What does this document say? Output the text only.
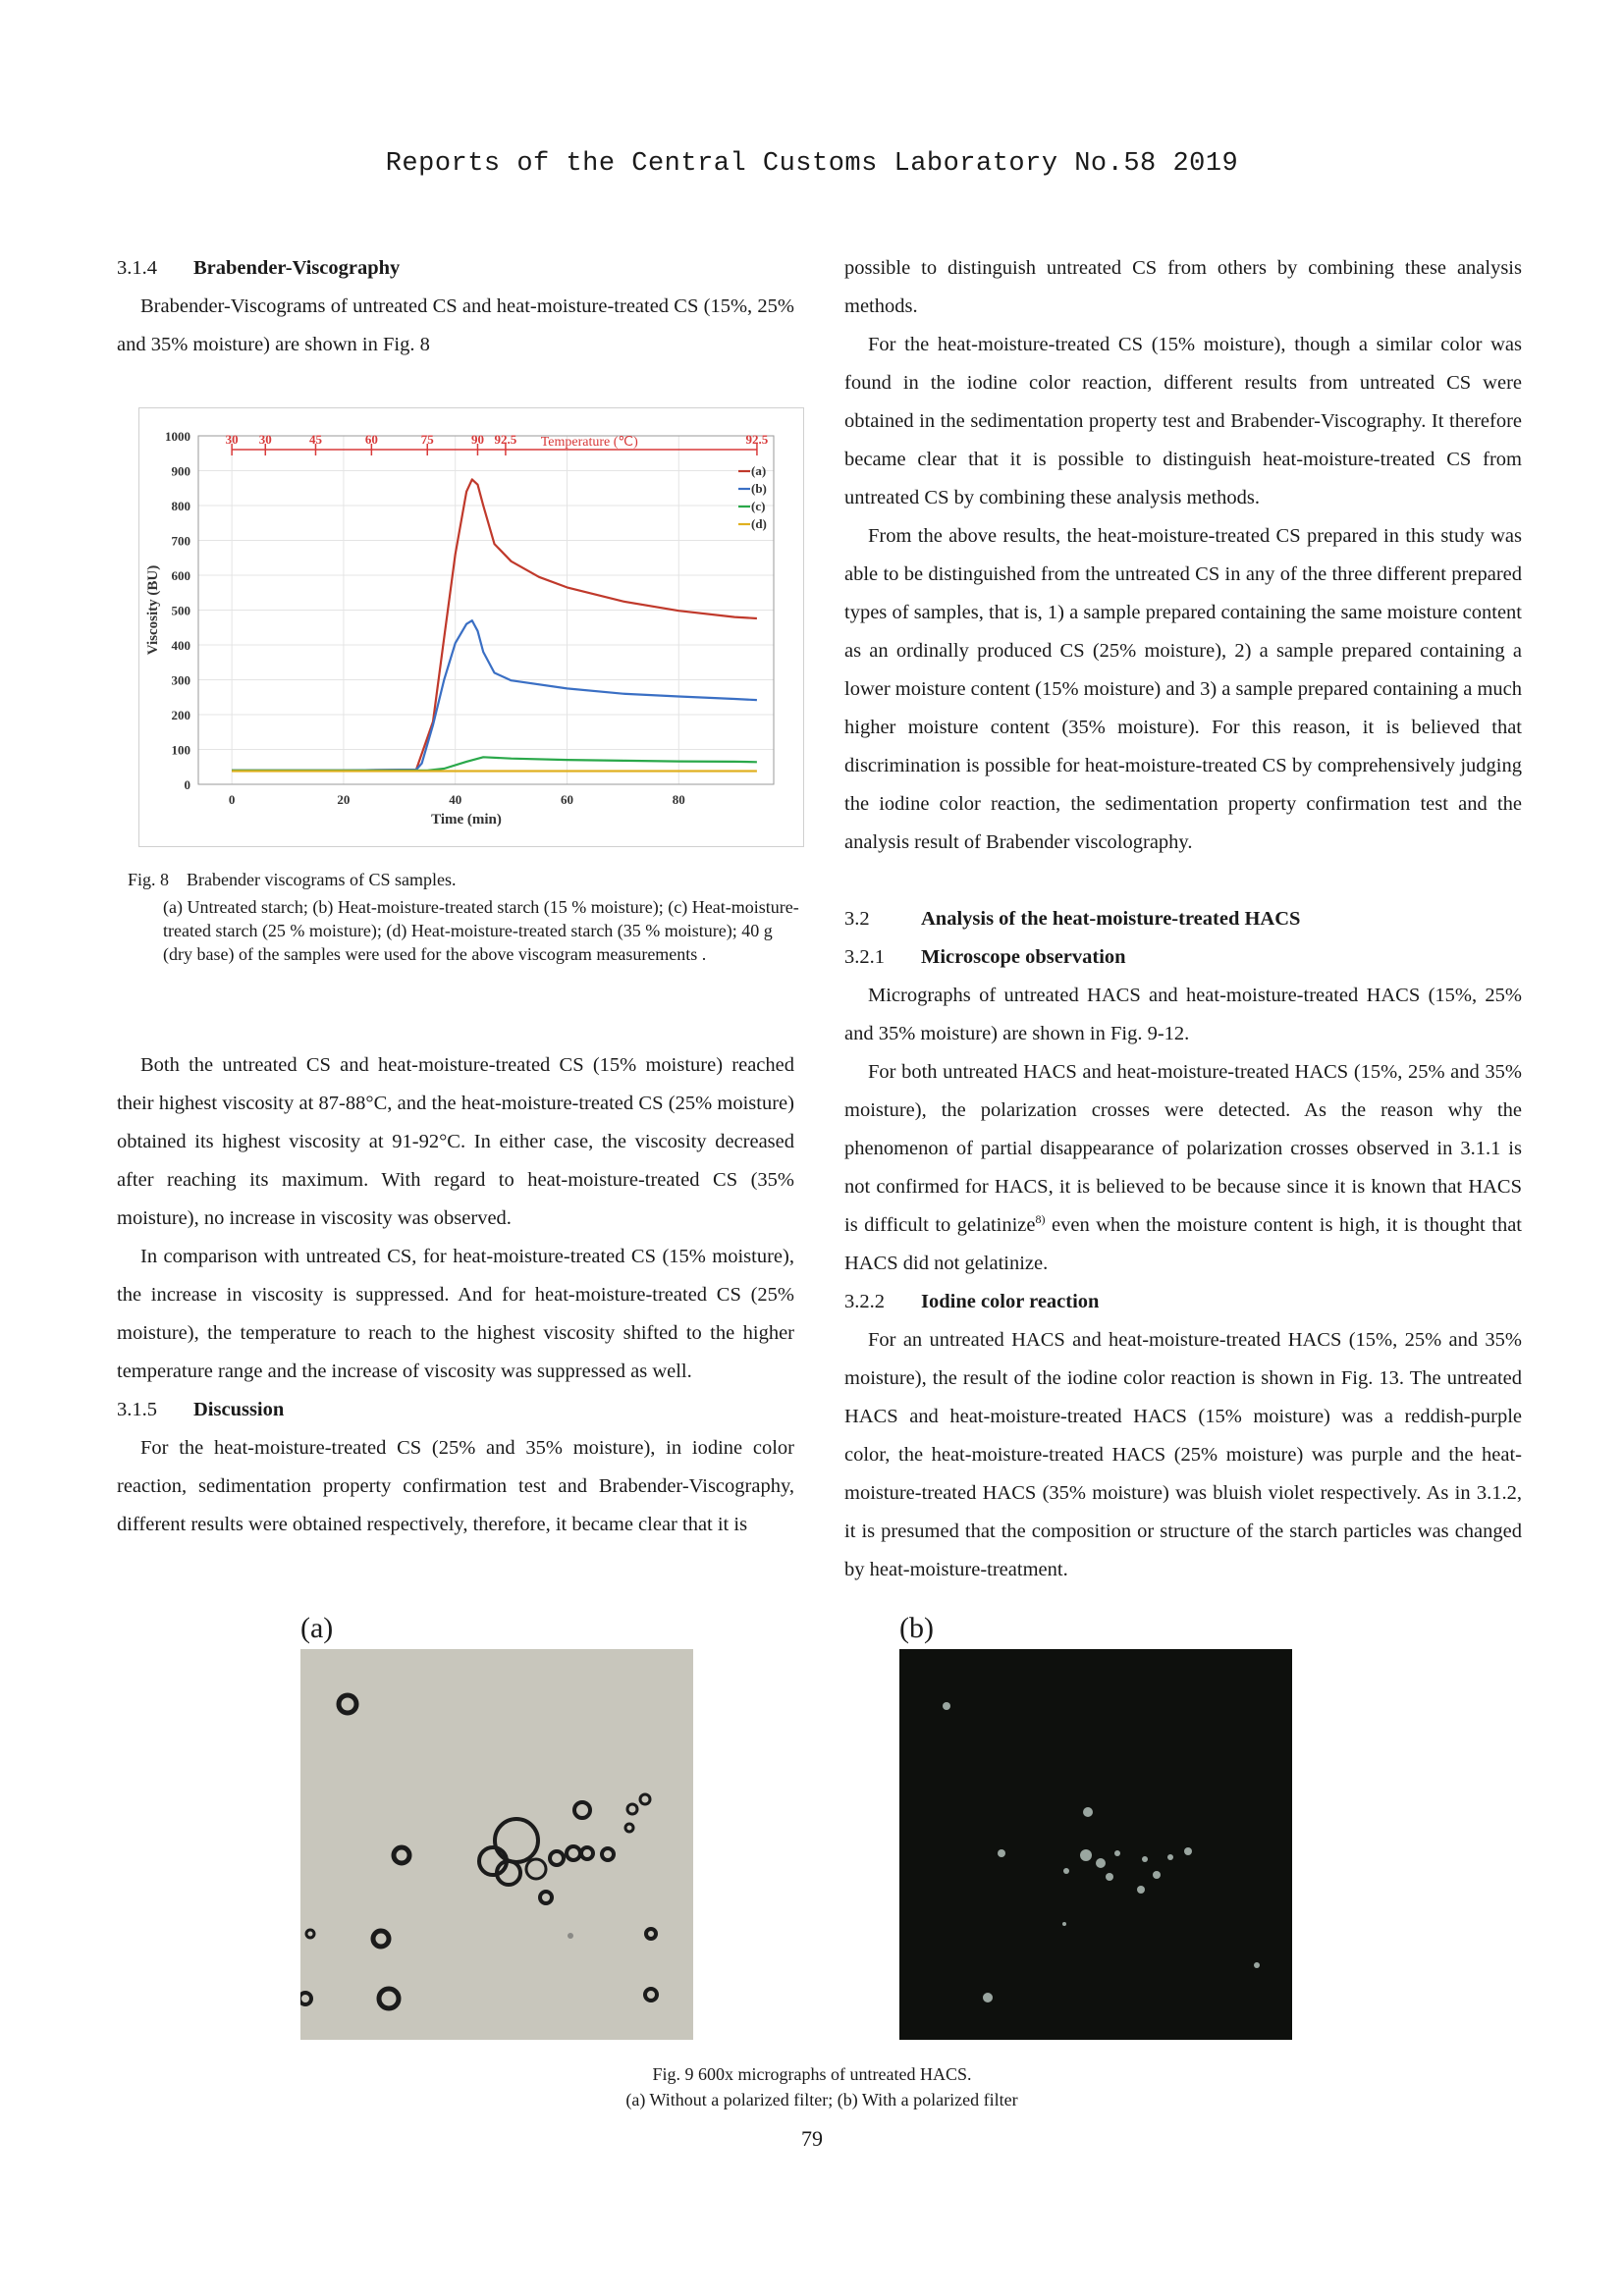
Reports of the Central Customs Laboratory No.58 2019
3.1.4	Brabender-Viscography

Brabender-Viscograms of untreated CS and heat-moisture-treated CS (15%, 25% and 35% moisture) are shown in Fig. 8

0
100
200
300
400
500
600
700
800
900
1000
0	20	40	60	80
Time (min)
Viscosity (BU)
30 30	45	60	75	90 92.5	92.5
Temperature (℃)
(a)
(b)
(c)
(d)
Fig. 8 Brabender viscograms of CS samples.
(a) Untreated starch; (b) Heat-moisture-treated starch (15 % moisture); (c) Heat-moisture-treated starch (25 % moisture); (d) Heat-moisture-treated starch (35 % moisture); 40 g (dry base) of the samples were used for the above viscogram measurements .

Both the untreated CS and heat-moisture-treated CS (15% moisture) reached their highest viscosity at 87-88°C, and the heat-moisture-treated CS (25% moisture) obtained its highest viscosity at 91-92°C. In either case, the viscosity decreased after reaching its maximum. With regard to heat-moisture-treated CS (35% moisture), no increase in viscosity was observed.

In comparison with untreated CS, for heat-moisture-treated CS (15% moisture), the increase in viscosity is suppressed. And for heat-moisture-treated CS (25% moisture), the temperature to reach to the highest viscosity shifted to the higher temperature range and the increase of viscosity was suppressed as well.

3.1.5	Discussion

For the heat-moisture-treated CS (25% and 35% moisture), in iodine color reaction, sedimentation property confirmation test and Brabender-Viscography, different results were obtained respectively, therefore, it became clear that it is

possible to distinguish untreated CS from others by combining these analysis methods.

For the heat-moisture-treated CS (15% moisture), though a similar color was found in the iodine color reaction, different results from untreated CS were obtained in the sedimentation property test and Brabender-Viscography. It therefore became clear that it is possible to distinguish heat-moisture-treated CS from untreated CS by combining these analysis methods.

From the above results, the heat-moisture-treated CS prepared in this study was able to be distinguished from the untreated CS in any of the three different prepared types of samples, that is, 1) a sample prepared containing the same moisture content as an ordinally produced CS (25% moisture), 2) a sample prepared containing a lower moisture content (15% moisture) and 3) a sample prepared containing a much higher moisture content (35% moisture). For this reason, it is believed that discrimination is possible for heat-moisture-treated CS by comprehensively judging the iodine color reaction, the sedimentation property confirmation test and the analysis result of Brabender viscolography.

3.2	Analysis of the heat-moisture-treated HACS
3.2.1	Microscope observation

Micrographs of untreated HACS and heat-moisture-treated HACS (15%, 25% and 35% moisture) are shown in Fig. 9-12.

For both untreated HACS and heat-moisture-treated HACS (15%, 25% and 35% moisture), the polarization crosses were detected. As the reason why the phenomenon of partial disappearance of polarization crosses observed in 3.1.1 is not confirmed for HACS, it is believed to be because since it is known that HACS is difficult to gelatinize$^{8)}$ even when the moisture content is high, it is thought that HACS did not gelatinize.

3.2.2	Iodine color reaction

For an untreated HACS and heat-moisture-treated HACS (15%, 25% and 35% moisture), the result of the iodine color reaction is shown in Fig. 13. The untreated HACS and heat-moisture-treated HACS (15% moisture) was a reddish-purple color, the heat-moisture-treated HACS (25% moisture) was purple and the heat-moisture-treated HACS (35% moisture) was bluish violet respectively. As in 3.1.2, it is presumed that the composition or structure of the starch particles was changed by heat-moisture-treatment.

(a)	(b)
Fig. 9 600x micrographs of untreated HACS.
(a) Without a polarized filter; (b) With a polarized filter
79
